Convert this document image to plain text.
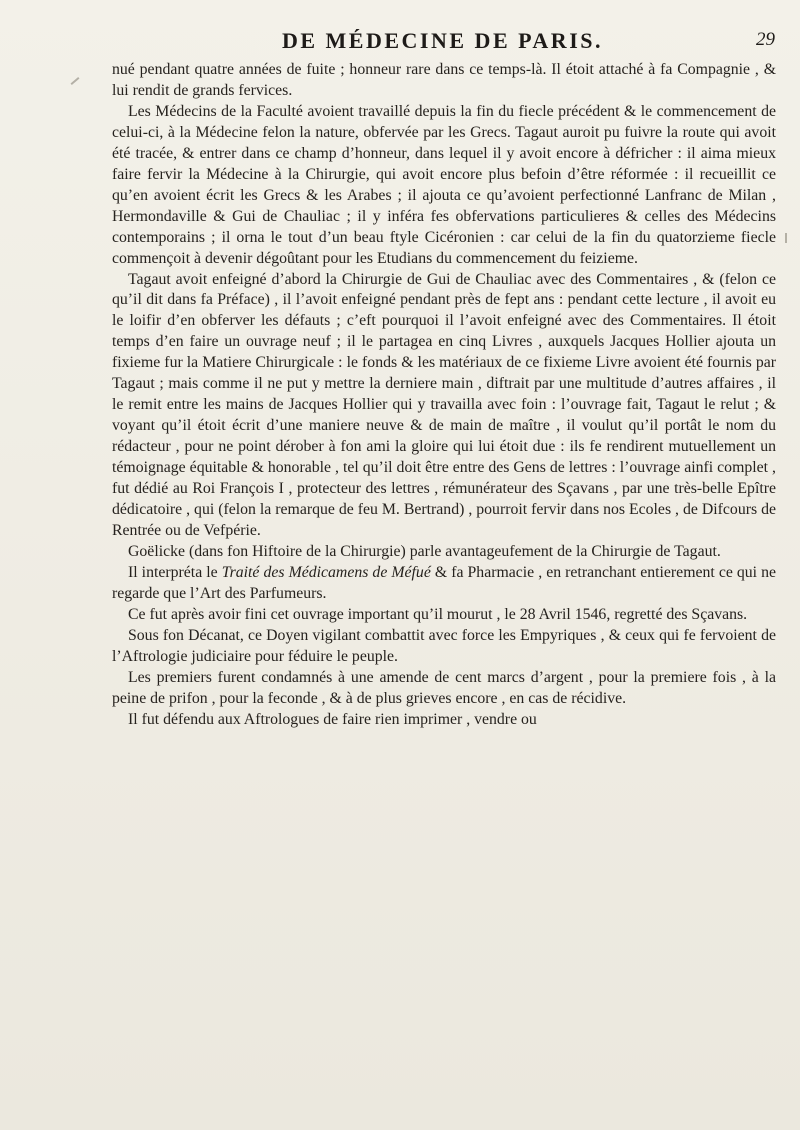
DE MÉDECINE DE PARIS.	29

nué pendant quatre années de fuite ; honneur rare dans ce temps-là. Il étoit attaché à fa Compagnie , & lui rendit de grands fervices.

Les Médecins de la Faculté avoient travaillé depuis la fin du fiecle précédent & le commencement de celui-ci, à la Médecine felon la nature, obfervée par les Grecs. Tagaut auroit pu fuivre la route qui avoit été tracée, & entrer dans ce champ d’honneur, dans lequel il y avoit encore à défricher : il aima mieux faire fervir la Médecine à la Chirurgie, qui avoit encore plus befoin d’être réformée : il recueillit ce qu’en avoient écrit les Grecs & les Arabes ; il ajouta ce qu’avoient perfectionné Lanfranc de Milan , Hermondaville & Gui de Chauliac ; il y inféra fes obfervations particulieres & celles des Médecins contemporains ; il orna le tout d’un beau ftyle Cicéronien : car celui de la fin du quatorzieme fiecle commençoit à devenir dégoûtant pour les Etudians du commencement du feizieme.

Tagaut avoit enfeigné d’abord la Chirurgie de Gui de Chauliac avec des Commentaires , & (felon ce qu’il dit dans fa Préface) , il l’avoit enfeigné pendant près de fept ans : pendant cette lecture , il avoit eu le loifir d’en obferver les défauts ; c’eft pourquoi il l’avoit enfeigné avec des Commentaires. Il étoit temps d’en faire un ouvrage neuf ; il le partagea en cinq Livres , auxquels Jacques Hollier ajouta un fixieme fur la Matiere Chirurgicale : le fonds & les matériaux de ce fixieme Livre avoient été fournis par Tagaut ; mais comme il ne put y mettre la derniere main , diftrait par une multitude d’autres affaires , il le remit entre les mains de Jacques Hollier qui y travailla avec foin : l’ouvrage fait, Tagaut le relut ; & voyant qu’il étoit écrit d’une maniere neuve & de main de maître , il voulut qu’il portât le nom du rédacteur , pour ne point dérober à fon ami la gloire qui lui étoit due : ils fe rendirent mutuellement un témoignage équitable & honorable , tel qu’il doit être entre des Gens de lettres : l’ouvrage ainfi complet , fut dédié au Roi François I , protecteur des lettres , rémunérateur des Sçavans , par une très-belle Epître dédicatoire , qui (felon la remarque de feu M. Bertrand) , pourroit fervir dans nos Ecoles , de Difcours de Rentrée ou de Vefpérie.

Goëlicke (dans fon Hiftoire de la Chirurgie) parle avantageufement de la Chirurgie de Tagaut.

Il interpréta le Traité des Médicamens de Méfué & fa Pharmacie , en retranchant entierement ce qui ne regarde que l’Art des Parfumeurs.

Ce fut après avoir fini cet ouvrage important qu’il mourut , le 28 Avril 1546, regretté des Sçavans.

Sous fon Décanat, ce Doyen vigilant combattit avec force les Empyriques , & ceux qui fe fervoient de l’Aftrologie judiciaire pour féduire le peuple.

Les premiers furent condamnés à une amende de cent marcs d’argent , pour la premiere fois , à la peine de prifon , pour la feconde , & à de plus grieves encore , en cas de récidive.

Il fut défendu aux Aftrologues de faire rien imprimer , vendre ou
